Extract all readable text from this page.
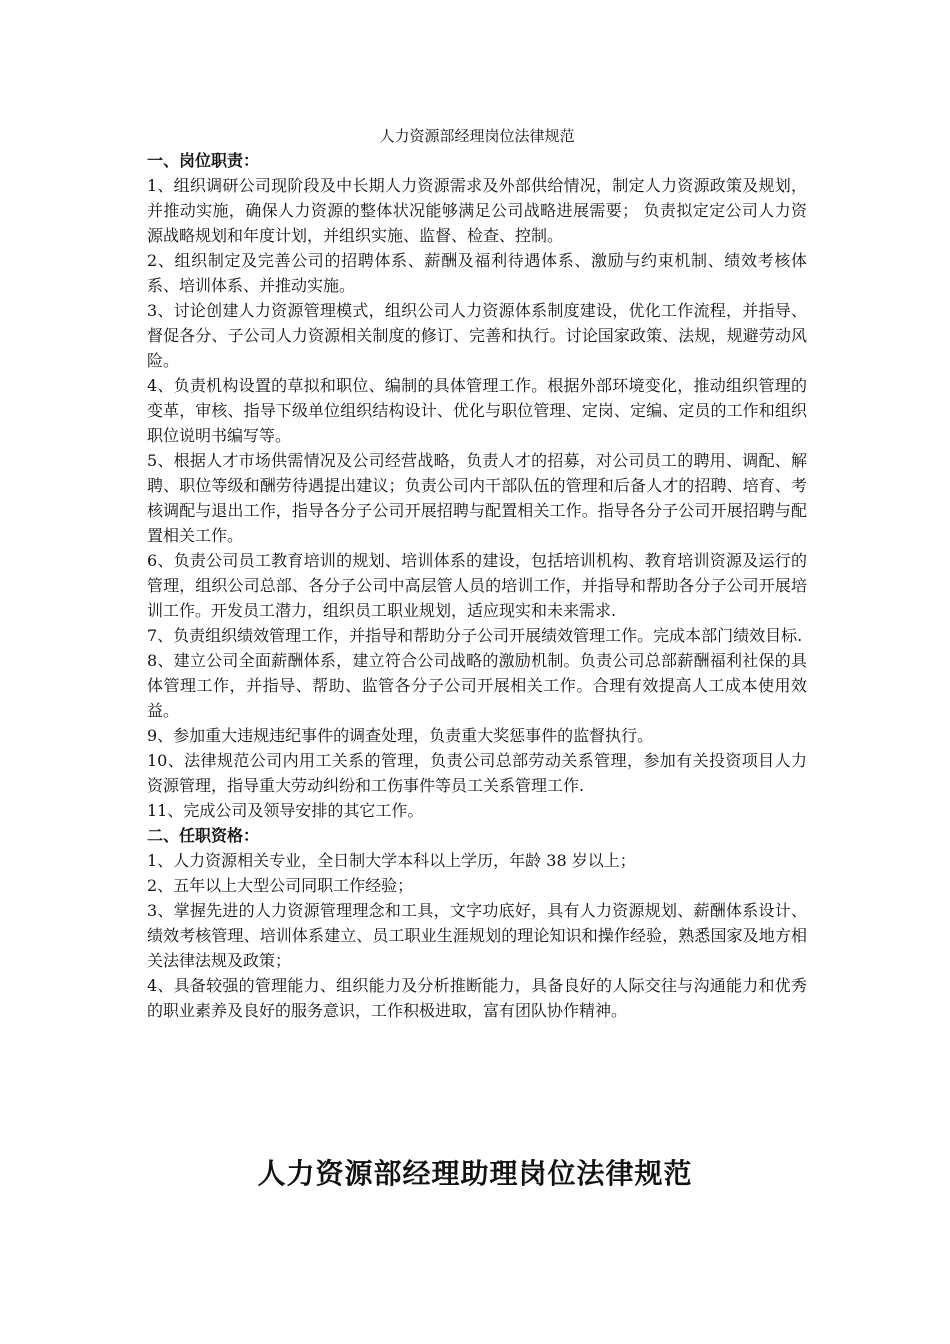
人力资源部经理岗位法律规范

一、岗位职责：

1、组织调研公司现阶段及中长期人力资源需求及外部供给情况，制定人力资源政策及规划，并推动实施，确保人力资源的整体状况能够满足公司战略进展需要； 负责拟定定公司人力资源战略规划和年度计划，并组织实施、监督、检查、控制。

2、组织制定及完善公司的招聘体系、薪酬及福利待遇体系、激励与约束机制、绩效考核体系、培训体系、并推动实施。

3、讨论创建人力资源管理模式，组织公司人力资源体系制度建设，优化工作流程，并指导、督促各分、子公司人力资源相关制度的修订、完善和执行。讨论国家政策、法规，规避劳动风险。

4、负责机构设置的草拟和职位、编制的具体管理工作。根据外部环境变化，推动组织管理的变革，审核、指导下级单位组织结构设计、优化与职位管理、定岗、定编、定员的工作和组织职位说明书编写等。

5、根据人才市场供需情况及公司经营战略，负责人才的招募，对公司员工的聘用、调配、解聘、职位等级和酬劳待遇提出建议；负责公司内干部队伍的管理和后备人才的招聘、培育、考核调配与退出工作，指导各分子公司开展招聘与配置相关工作。指导各分子公司开展招聘与配置相关工作。

6、负责公司员工教育培训的规划、培训体系的建设，包括培训机构、教育培训资源及运行的管理，组织公司总部、各分子公司中高层管人员的培训工作，并指导和帮助各分子公司开展培训工作。开发员工潜力，组织员工职业规划，适应现实和未来需求.

7、负责组织绩效管理工作，并指导和帮助分子公司开展绩效管理工作。完成本部门绩效目标.

8、建立公司全面薪酬体系，建立符合公司战略的激励机制。负责公司总部薪酬福利社保的具体管理工作，并指导、帮助、监管各分子公司开展相关工作。合理有效提高人工成本使用效益。

9、参加重大违规违纪事件的调查处理，负责重大奖惩事件的监督执行。

10、法律规范公司内用工关系的管理，负责公司总部劳动关系管理，参加有关投资项目人力资源管理，指导重大劳动纠纷和工伤事件等员工关系管理工作.

11、完成公司及领导安排的其它工作。

二、任职资格：

1、人力资源相关专业，全日制大学本科以上学历，年龄 38 岁以上；

2、五年以上大型公司同职工作经验；

3、掌握先进的人力资源管理理念和工具，文字功底好，具有人力资源规划、薪酬体系设计、绩效考核管理、培训体系建立、员工职业生涯规划的理论知识和操作经验，熟悉国家及地方相关法律法规及政策；

4、具备较强的管理能力、组织能力及分析推断能力，具备良好的人际交往与沟通能力和优秀的职业素养及良好的服务意识，工作积极进取，富有团队协作精神。

人力资源部经理助理岗位法律规范
